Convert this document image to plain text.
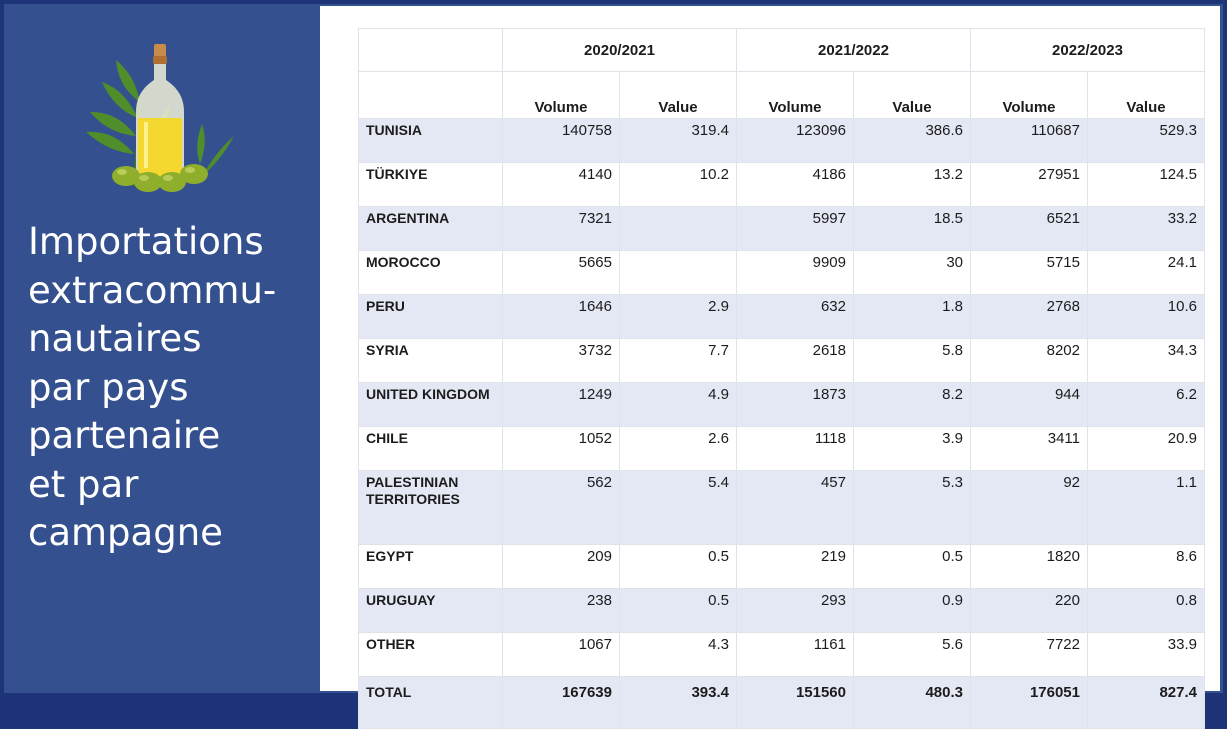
Importations
extracommu-
nautaires
par pays
partenaire
et par
campagne
	2020/2021		2021/2022		2022/2023	
	Volume	Value	Volume	Value	Volume	Value
TUNISIA	140758	319.4	123096	386.6	110687	529.3
TÜRKIYE	4140	10.2	4186	13.2	27951	124.5
ARGENTINA	7321		5997	18.5	6521	33.2
MOROCCO	5665		9909	30	5715	24.1
PERU	1646	2.9	632	1.8	2768	10.6
SYRIA	3732	7.7	2618	5.8	8202	34.3
UNITED KINGDOM	1249	4.9	1873	8.2	944	6.2
CHILE	1052	2.6	1118	3.9	3411	20.9
PALESTINIAN TERRITORIES	562	5.4	457	5.3	92	1.1
EGYPT	209	0.5	219	0.5	1820	8.6
URUGUAY	238	0.5	293	0.9	220	0.8
OTHER	1067	4.3	1161	5.6	7722	33.9
TOTAL	167639	393.4	151560	480.3	176051	827.4
